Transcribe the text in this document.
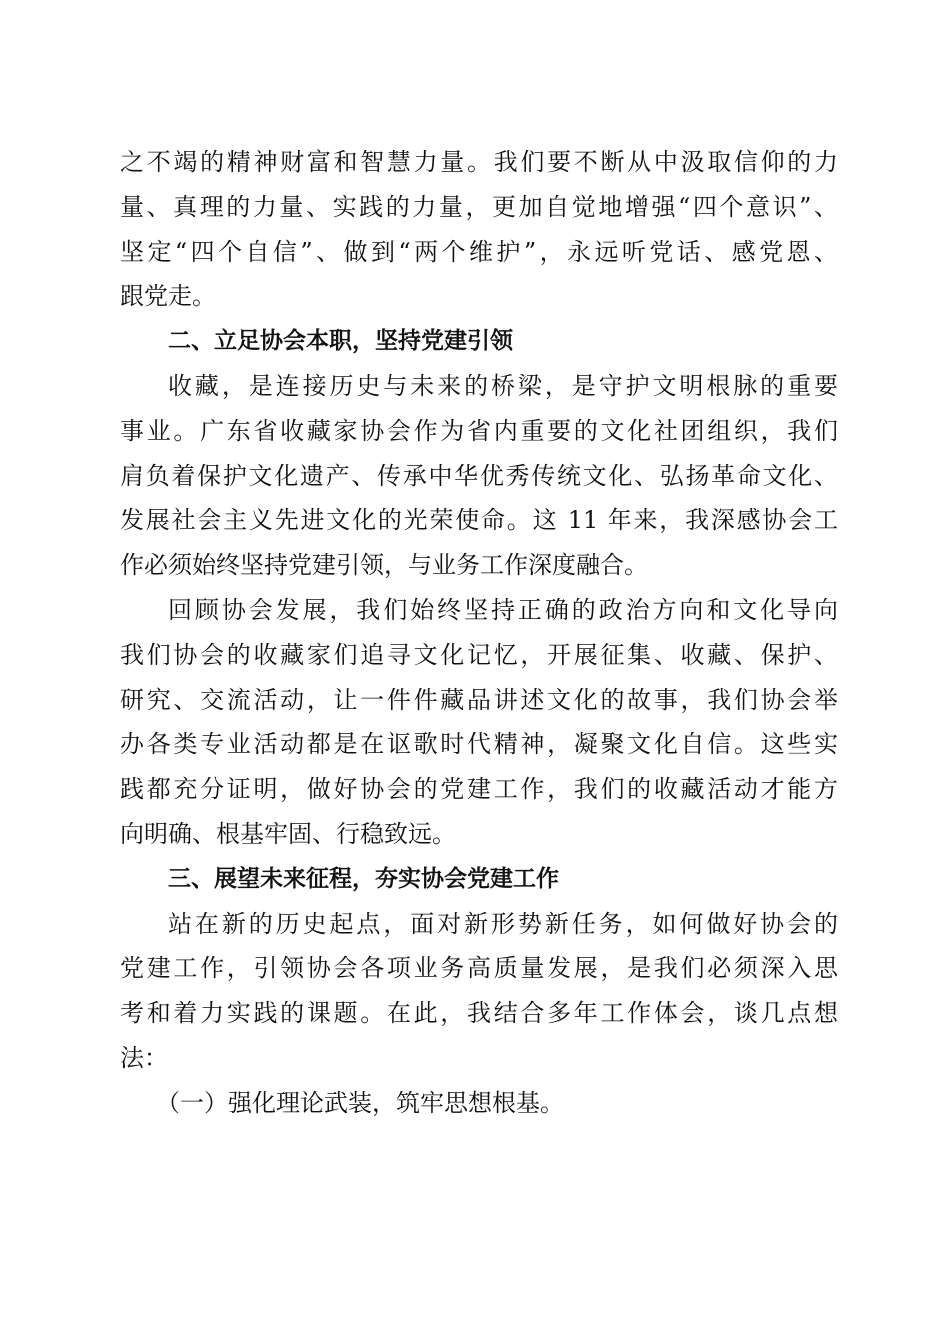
之不竭的精神财富和智慧力量。我们要不断从中汲取信仰的力
量、真理的力量、实践的力量，更加自觉地增强“四个意识”、
坚定“四个自信”、做到“两个维护”，永远听党话、感党恩、
跟党走。
二、立足协会本职，坚持党建引领
收藏，是连接历史与未来的桥梁，是守护文明根脉的重要
事业。广东省收藏家协会作为省内重要的文化社团组织，我们
肩负着保护文化遗产、传承中华优秀传统文化、弘扬革命文化、
发展社会主义先进文化的光荣使命。这 11 年来，我深感协会工
作必须始终坚持党建引领，与业务工作深度融合。
回顾协会发展，我们始终坚持正确的政治方向和文化导向
我们协会的收藏家们追寻文化记忆，开展征集、收藏、保护、
研究、交流活动，让一件件藏品讲述文化的故事，我们协会举
办各类专业活动都是在讴歌时代精神，凝聚文化自信。这些实
践都充分证明，做好协会的党建工作，我们的收藏活动才能方
向明确、根基牢固、行稳致远。
三、展望未来征程，夯实协会党建工作
站在新的历史起点，面对新形势新任务，如何做好协会的
党建工作，引领协会各项业务高质量发展，是我们必须深入思
考和着力实践的课题。在此，我结合多年工作体会，谈几点想
法：
（一）强化理论武装，筑牢思想根基。
